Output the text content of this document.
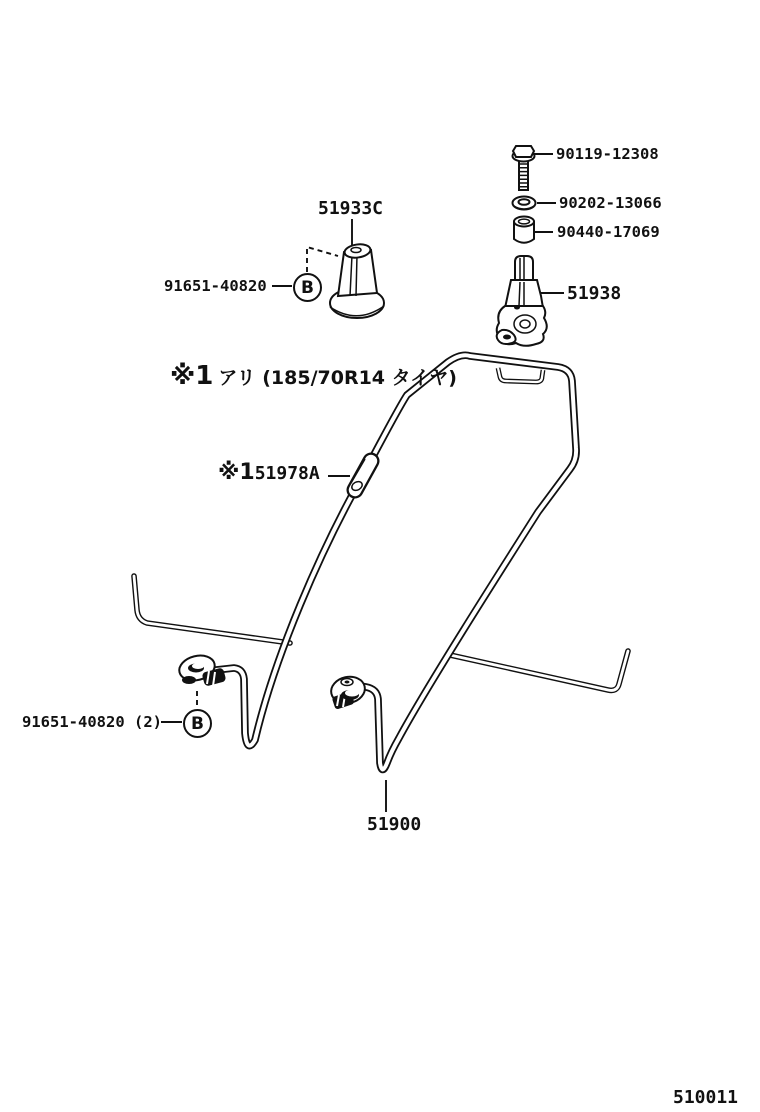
90119-12308
90202-13066
90440-17069
51938
51933C
91651-40820
91651-40820 (2)
51900
※1 51978A
B
B
※1 アリ (185/70R14 タイヤ)
510011
